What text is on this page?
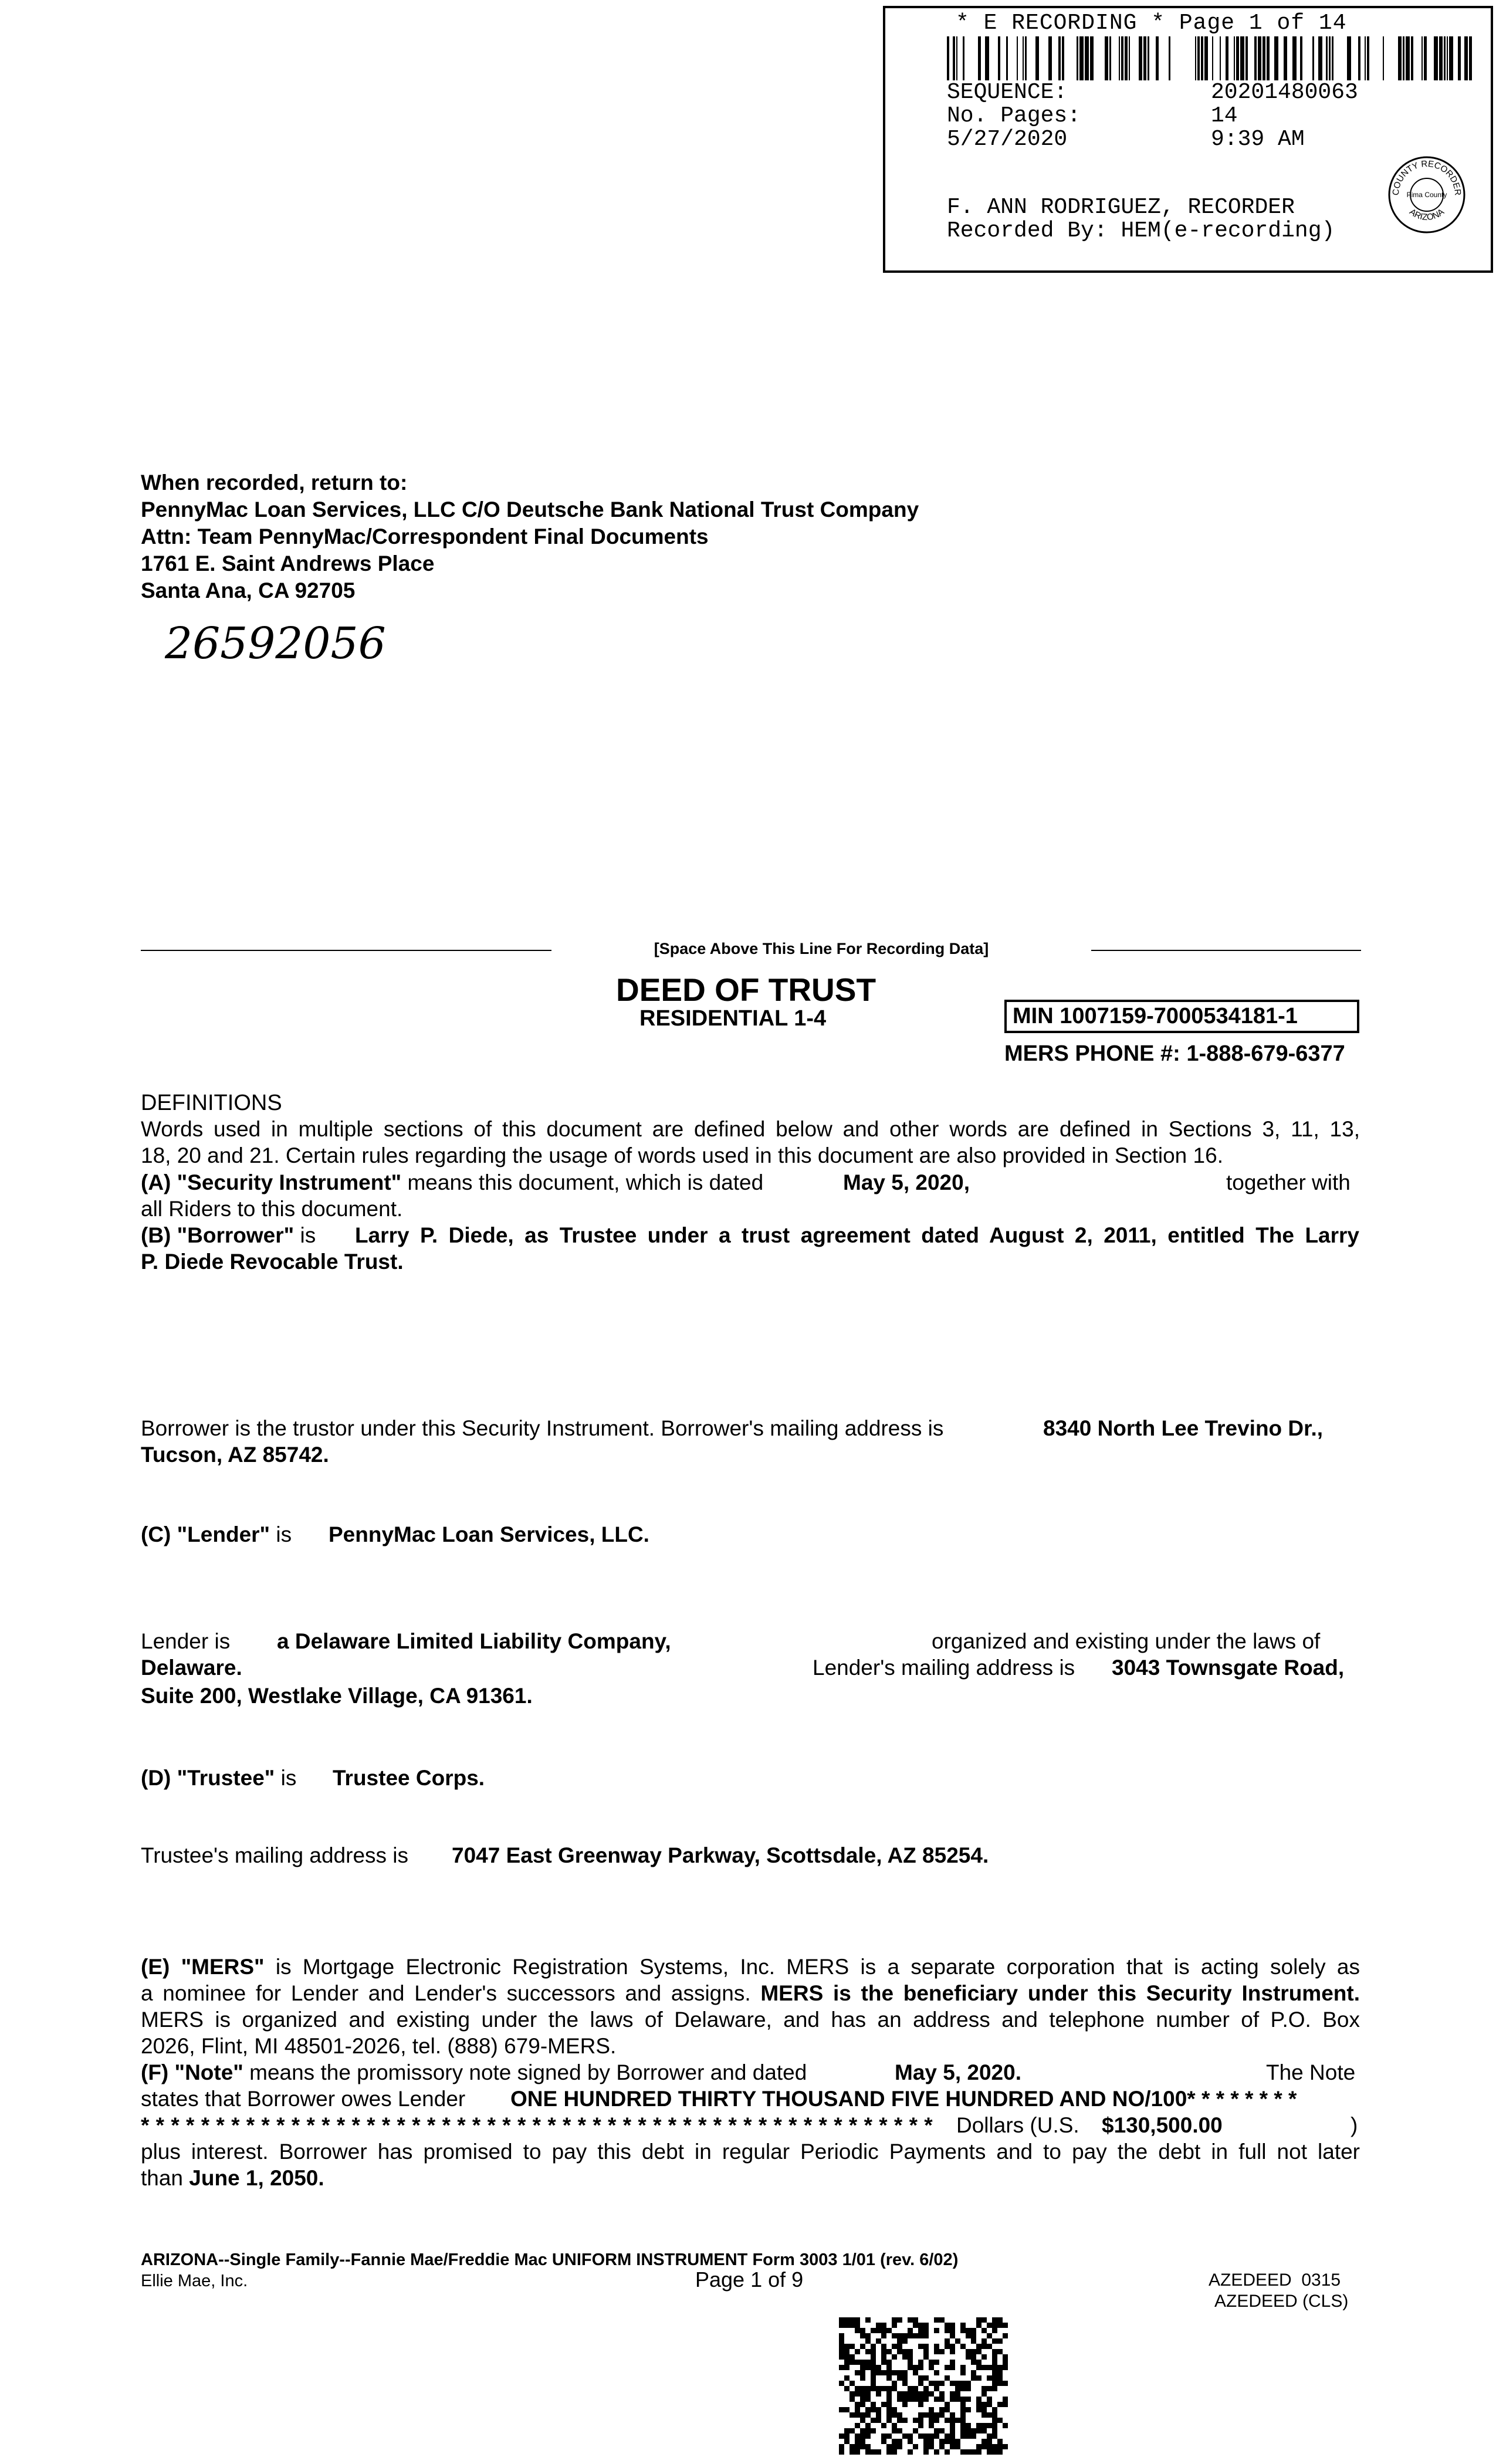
* E RECORDING * Page 1 of 14
SEQUENCE:	20201480063
No. Pages:	14
5/27/2020	9:39 AM
F. ANN RODRIGUEZ, RECORDER
Recorded By: HEM(e-recording)
COUNTY RECORDER
ARIZONA
Pima County
When recorded, return to:
PennyMac Loan Services, LLC C/O Deutsche Bank National Trust Company
Attn: Team PennyMac/Correspondent Final Documents
1761 E. Saint Andrews Place
Santa Ana, CA 92705
26592056
[Space Above This Line For Recording Data]
DEED OF TRUST
RESIDENTIAL 1-4	MIN 1007159-7000534181-1
MERS PHONE #: 1-888-679-6377
DEFINITIONS
Words used in multiple sections of this document are defined below and other words are defined in Sections 3, 11, 13,
18, 20 and 21. Certain rules regarding the usage of words used in this document are also provided in Section 16.
(A) "Security Instrument" means this document, which is dated	May 5, 2020,	together with
all Riders to this document.
(B) "Borrower" is Larry P. Diede, as Trustee under a trust agreement dated August 2, 2011, entitled The Larry
P. Diede Revocable Trust.
Borrower is the trustor under this Security Instrument. Borrower's mailing address is	8340 North Lee Trevino Dr.,
Tucson, AZ 85742.
(C) "Lender" is PennyMac Loan Services, LLC.
Lender is a Delaware Limited Liability Company,	organized and existing under the laws of
Delaware.	Lender's mailing address is 3043 Townsgate Road,
Suite 200, Westlake Village, CA 91361.
(D) "Trustee" is Trustee Corps.
Trustee's mailing address is 7047 East Greenway Parkway, Scottsdale, AZ 85254.
(E) "MERS" is Mortgage Electronic Registration Systems, Inc. MERS is a separate corporation that is acting solely as
a nominee for Lender and Lender's successors and assigns. MERS is the beneficiary under this Security Instrument.
MERS is organized and existing under the laws of Delaware, and has an address and telephone number of P.O. Box
2026, Flint, MI 48501-2026, tel. (888) 679-MERS.
(F) "Note" means the promissory note signed by Borrower and dated	May 5, 2020.	The Note
states that Borrower owes Lender ONE HUNDRED THIRTY THOUSAND FIVE HUNDRED AND NO/100* * * * * * * *
* * * * * * * * * * * * * * * * * * * * * * * * * * * * * * * * * * * * * * * * * * * * * * * * * * * * * Dollars (U.S. $130,500.00	)
plus interest. Borrower has promised to pay this debt in regular Periodic Payments and to pay the debt in full not later
than June 1, 2050.
ARIZONA--Single Family--Fannie Mae/Freddie Mac UNIFORM INSTRUMENT Form 3003 1/01 (rev. 6/02)
Ellie Mae, Inc.	Page 1 of 9	AZEDEED  0315
AZEDEED (CLS)
